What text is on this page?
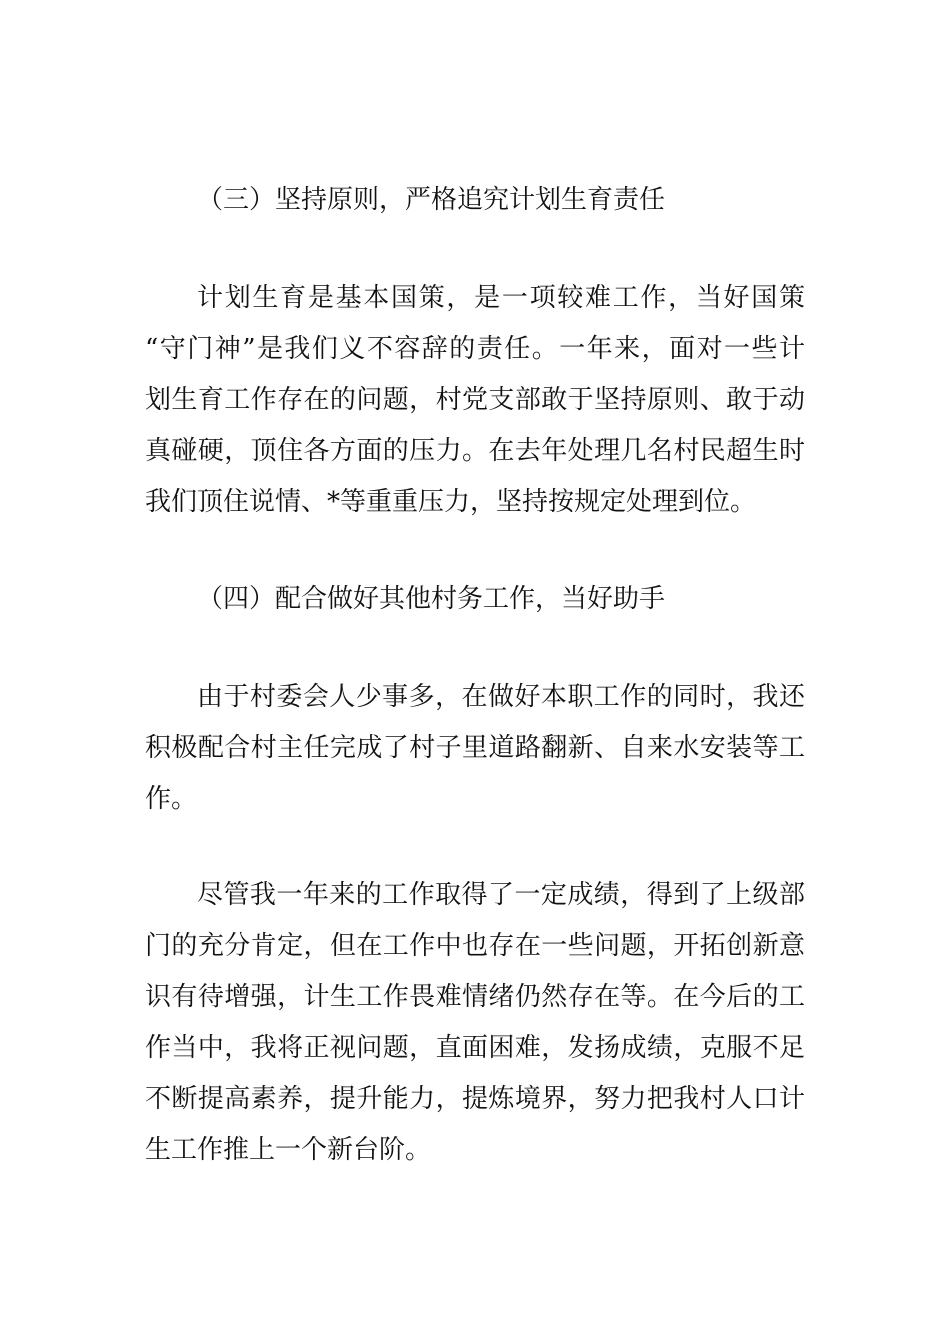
（三）坚持原则，严格追究计划生育责任

计划生育是基本国策，是一项较难工作，当好国策
“守门神”是我们义不容辞的责任。一年来，面对一些计
划生育工作存在的问题，村党支部敢于坚持原则、敢于动
真碰硬，顶住各方面的压力。在去年处理几名村民超生时
我们顶住说情、*等重重压力，坚持按规定处理到位。

（四）配合做好其他村务工作，当好助手

由于村委会人少事多，在做好本职工作的同时，我还
积极配合村主任完成了村子里道路翻新、自来水安装等工
作。
尽管我一年来的工作取得了一定成绩，得到了上级部
门的充分肯定，但在工作中也存在一些问题，开拓创新意
识有待增强，计生工作畏难情绪仍然存在等。在今后的工
作当中，我将正视问题，直面困难，发扬成绩，克服不足
不断提高素养，提升能力，提炼境界，努力把我村人口计
生工作推上一个新台阶。
